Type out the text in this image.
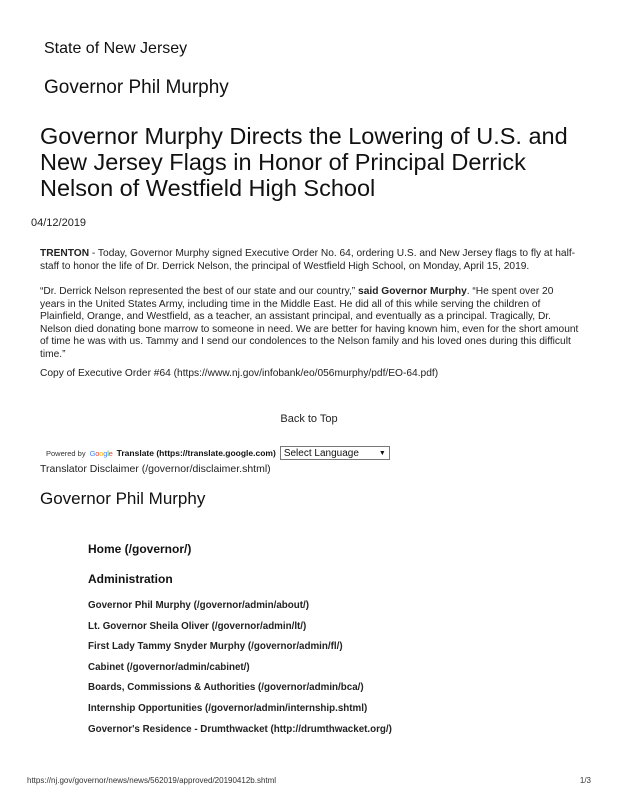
State of New Jersey
Governor Phil Murphy
Governor Murphy Directs the Lowering of U.S. and New Jersey Flags in Honor of Principal Derrick Nelson of Westfield High School
04/12/2019

TRENTON - Today, Governor Murphy signed Executive Order No. 64, ordering U.S. and New Jersey flags to fly at half-staff to honor the life of Dr. Derrick Nelson, the principal of Westfield High School, on Monday, April 15, 2019.

“Dr. Derrick Nelson represented the best of our state and our country,” said Governor Murphy. “He spent over 20 years in the United States Army, including time in the Middle East. He did all of this while serving the children of Plainfield, Orange, and Westfield, as a teacher, an assistant principal, and eventually as a principal. Tragically, Dr. Nelson died donating bone marrow to someone in need. We are better for having known him, even for the short amount of time he was with us. Tammy and I send our condolences to the Nelson family and his loved ones during this difficult time.”

Copy of Executive Order #64 (https://www.nj.gov/infobank/eo/056murphy/pdf/EO-64.pdf)

Back to Top
Powered by Google Translate (https://translate.google.com) Select Language	▼
Translator Disclaimer (/governor/disclaimer.shtml)
Governor Phil Murphy
Home (/governor/)
Administration
Governor Phil Murphy (/governor/admin/about/)
Lt. Governor Sheila Oliver (/governor/admin/lt/)
First Lady Tammy Snyder Murphy (/governor/admin/fl/)
Cabinet (/governor/admin/cabinet/)
Boards, Commissions & Authorities (/governor/admin/bca/)
Internship Opportunities (/governor/admin/internship.shtml)
Governor's Residence - Drumthwacket (http://drumthwacket.org/)
https://nj.gov/governor/news/news/562019/approved/20190412b.shtml	1/3
